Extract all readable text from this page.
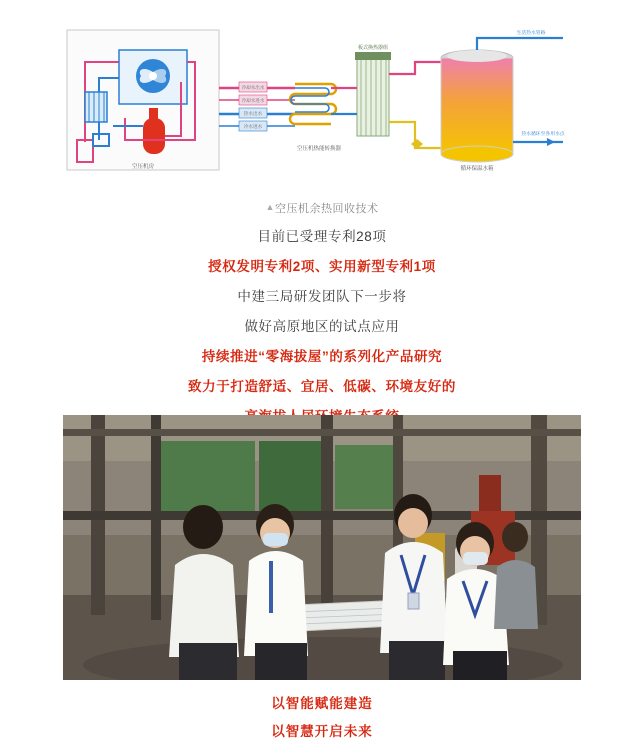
空压机房
冷却水出水
冷却水进水
热水出水
冷水进水
空压机热能转换器
板式换热器组
循环保温水箱
生活热水管路
热水循环至各用水点
▲空压机余热回收技术

目前已受理专利28项

授权发明专利2项、实用新型专利1项

中建三局研发团队下一步将

做好高原地区的试点应用

持续推进“零海拔屋”的系列化产品研究

致力于打造舒适、宜居、低碳、环境友好的

以智能赋能建造

以智慧开启未来
